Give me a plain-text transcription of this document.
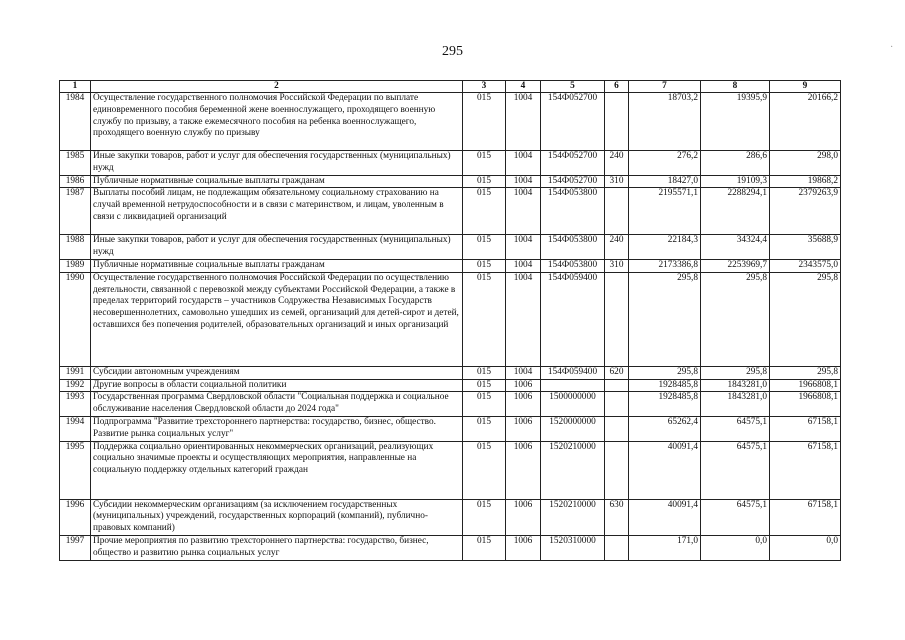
295	·
1	2	3	4	5	6	7	8	9
1984	Осуществление государственного полномочия Российской Федерации по выплате единовременного пособия беременной жене военнослужащего, проходящего военную службу по призыву, а также ежемесячного пособия на ребенка военнослужащего, проходящего военную службу по призыву	015	1004	154Ф052700		18703,2	19395,9	20166,2
1985	Иные закупки товаров, работ и услуг для обеспечения государственных (муниципальных) нужд	015	1004	154Ф052700	240	276,2	286,6	298,0
1986	Публичные нормативные социальные выплаты гражданам	015	1004	154Ф052700	310	18427,0	19109,3	19868,2
1987	Выплаты пособий лицам, не подлежащим обязательному социальному страхованию на случай временной нетрудоспособности и в связи с материнством, и лицам, уволенным в связи с ликвидацией организаций	015	1004	154Ф053800		2195571,1	2288294,1	2379263,9
1988	Иные закупки товаров, работ и услуг для обеспечения государственных (муниципальных) нужд	015	1004	154Ф053800	240	22184,3	34324,4	35688,9
1989	Публичные нормативные социальные выплаты гражданам	015	1004	154Ф053800	310	2173386,8	2253969,7	2343575,0
1990	Осуществление государственного полномочия Российской Федерации по осуществлению деятельности, связанной с перевозкой между субъектами Российской Федерации, а также в пределах территорий государств – участников Содружества Независимых Государств несовершеннолетних, самовольно ушедших из семей, организаций для детей-сирот и детей, оставшихся без попечения родителей, образовательных организаций и иных организаций	015	1004	154Ф059400		295,8	295,8	295,8
1991	Субсидии автономным учреждениям	015	1004	154Ф059400	620	295,8	295,8	295,8
1992	Другие вопросы в области социальной политики	015	1006			1928485,8	1843281,0	1966808,1
1993	Государственная программа Свердловской области "Социальная поддержка и социальное обслуживание населения Свердловской области до 2024 года"	015	1006	1500000000		1928485,8	1843281,0	1966808,1
1994	Подпрограмма "Развитие трехстороннего партнерства: государство, бизнес, общество. Развитие рынка социальных услуг"	015	1006	1520000000		65262,4	64575,1	67158,1
1995	Поддержка социально ориентированных некоммерческих организаций, реализующих социально значимые проекты и осуществляющих мероприятия, направленные на социальную поддержку отдельных категорий граждан	015	1006	1520210000		40091,4	64575,1	67158,1
1996	Субсидии некоммерческим организациям (за исключением государственных (муниципальных) учреждений, государственных корпораций (компаний), публично-правовых компаний)	015	1006	1520210000	630	40091,4	64575,1	67158,1
1997	Прочие мероприятия по развитию трехстороннего партнерства: государство, бизнес, общество и развитию рынка социальных услуг	015	1006	1520310000		171,0	0,0	0,0
